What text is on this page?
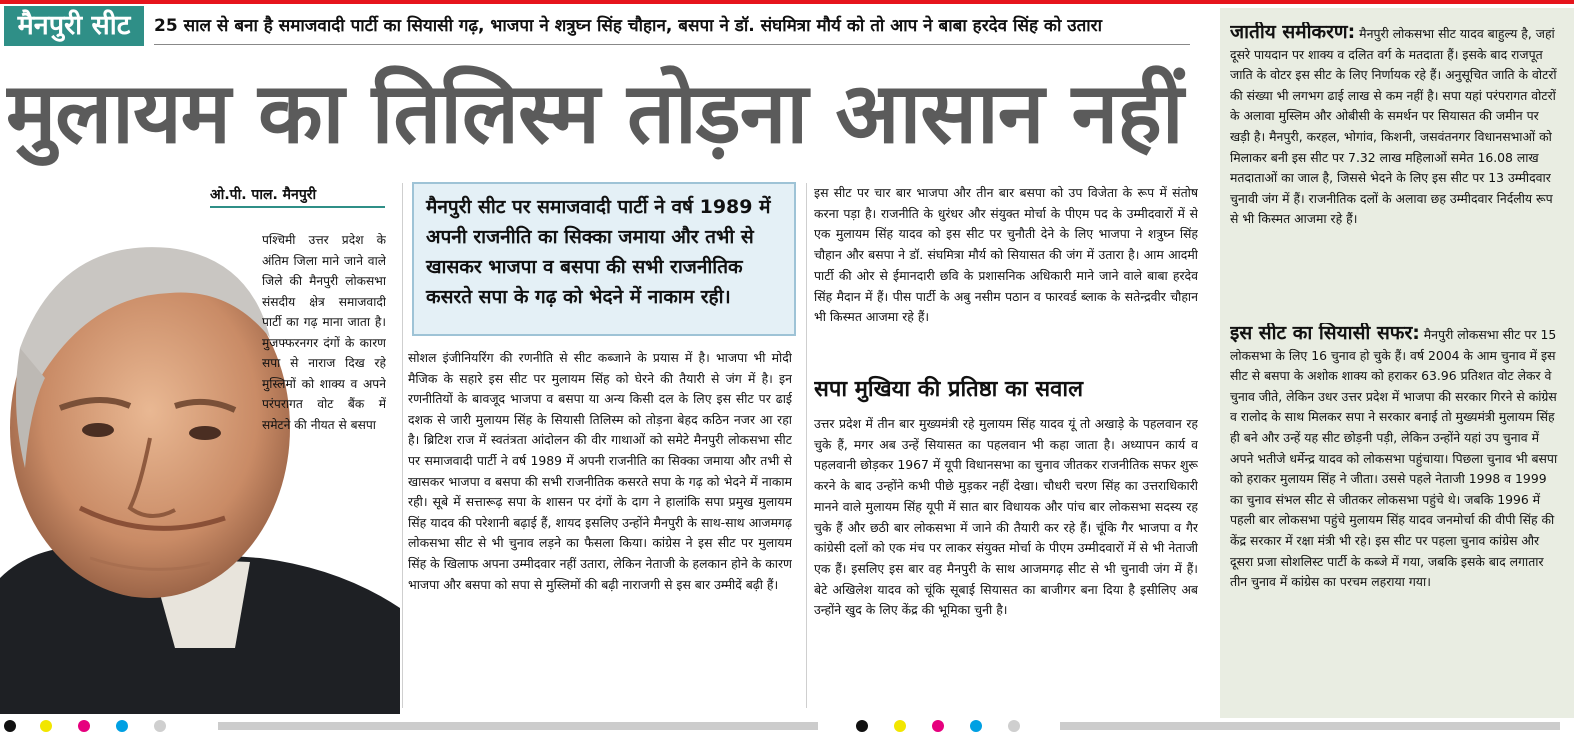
मैनपुरी सीट	25 साल से बना है समाजवादी पार्टी का सियासी गढ़, भाजपा ने शत्रुघ्न सिंह चौहान, बसपा ने डॉ. संघमित्रा मौर्य को तो आप ने बाबा हरदेव सिंह को उतारा
मुलायम का तिलिस्म तोड़ना आसान नहीं
ओ.पी. पाल. मैनपुरी
पश्चिमी उत्तर प्रदेश के अंतिम जिला माने जाने वाले जिले की मैनपुरी लोकसभा संसदीय क्षेत्र समाजवादी पार्टी का गढ़ माना जाता है। मुजफ्फरनगर दंगों के कारण सपा से नाराज दिख रहे मुस्लिमों को शाक्य व अपने परंपरागत वोट बैंक में समेटने की नीयत से बसपा
मैनपुरी सीट पर समाजवादी पार्टी ने वर्ष 1989 में अपनी राजनीति का सिक्का जमाया और तभी से खासकर भाजपा व बसपा की सभी राजनीतिक कसरते सपा के गढ़ को भेदने में नाकाम रही।
सोशल इंजीनियरिंग की रणनीति से सीट कब्जाने के प्रयास में है। भाजपा भी मोदी मैजिक के सहारे इस सीट पर मुलायम सिंह को घेरने की तैयारी से जंग में है। इन रणनीतियों के बावजूद भाजपा व बसपा या अन्य किसी दल के लिए इस सीट पर ढाई दशक से जारी मुलायम सिंह के सियासी तिलिस्म को तोड़ना बेहद कठिन नजर आ रहा है। ब्रिटिश राज में स्वतंत्रता आंदोलन की वीर गाथाओं को समेटे मैनपुरी लोकसभा सीट पर समाजवादी पार्टी ने वर्ष 1989 में अपनी राजनीति का सिक्का जमाया और तभी से खासकर भाजपा व बसपा की सभी राजनीतिक कसरते सपा के गढ़ को भेदने में नाकाम रही। सूबे में सत्तारूढ़ सपा के शासन पर दंगों के दाग ने हालांकि सपा प्रमुख मुलायम सिंह यादव की परेशानी बढ़ाई हैं, शायद इसलिए उन्होंने मैनपुरी के साथ-साथ आजमगढ़ लोकसभा सीट से भी चुनाव लड़ने का फैसला किया। कांग्रेस ने इस सीट पर मुलायम सिंह के खिलाफ अपना उम्मीदवार नहीं उतारा, लेकिन नेताजी के हलकान होने के कारण भाजपा और बसपा को सपा से मुस्लिमों की बढ़ी नाराजगी से इस बार उम्मीदें बढ़ी हैं।
इस सीट पर चार बार भाजपा और तीन बार बसपा को उप विजेता के रूप में संतोष करना पड़ा है। राजनीति के धुरंधर और संयुक्त मोर्चा के पीएम पद के उम्मीदवारों में से एक मुलायम सिंह यादव को इस सीट पर चुनौती देने के लिए भाजपा ने शत्रुघ्न सिंह चौहान और बसपा ने डॉ. संघमित्रा मौर्य को सियासत की जंग में उतारा है। आम आदमी पार्टी की ओर से ईमानदारी छवि के प्रशासनिक अधिकारी माने जाने वाले बाबा हरदेव सिंह मैदान में हैं। पीस पार्टी के अबु नसीम पठान व फारवर्ड ब्लाक के सतेन्द्रवीर चौहान भी किस्मत आजमा रहे हैं।
सपा मुखिया की प्रतिष्ठा का सवाल
उत्तर प्रदेश में तीन बार मुख्यमंत्री रहे मुलायम सिंह यादव यूं तो अखाड़े के पहलवान रह चुके हैं, मगर अब उन्हें सियासत का पहलवान भी कहा जाता है। अध्यापन कार्य व पहलवानी छोड़कर 1967 में यूपी विधानसभा का चुनाव जीतकर राजनीतिक सफर शुरू करने के बाद उन्होंने कभी पीछे मुड़कर नहीं देखा। चौधरी चरण सिंह का उत्तराधिकारी मानने वाले मुलायम सिंह यूपी में सात बार विधायक और पांच बार लोकसभा सदस्य रह चुके हैं और छठी बार लोकसभा में जाने की तैयारी कर रहे हैं। चूंकि गैर भाजपा व गैर कांग्रेसी दलों को एक मंच पर लाकर संयुक्त मोर्चा के पीएम उम्मीदवारों में से भी नेताजी एक हैं। इसलिए इस बार वह मैनपुरी के साथ आजमगढ़ सीट से भी चुनावी जंग में हैं। बेटे अखिलेश यादव को चूंकि सूबाई सियासत का बाजीगर बना दिया है इसीलिए अब उन्होंने खुद के लिए केंद्र की भूमिका चुनी है।
जातीय समीकरण: मैनपुरी लोकसभा सीट यादव बाहुल्य है, जहां दूसरे पायदान पर शाक्य व दलित वर्ग के मतदाता हैं। इसके बाद राजपूत जाति के वोटर इस सीट के लिए निर्णायक रहे हैं। अनुसूचित जाति के वोटरों की संख्या भी लगभग ढाई लाख से कम नहीं है। सपा यहां परंपरागत वोटरों के अलावा मुस्लिम और ओबीसी के समर्थन पर सियासत की जमीन पर खड़ी है। मैनपुरी, करहल, भोगांव, किशनी, जसवंतनगर विधानसभाओं को मिलाकर बनी इस सीट पर 7.32 लाख महिलाओं समेत 16.08 लाख मतदाताओं का जाल है, जिससे भेदने के लिए इस सीट पर 13 उम्मीदवार चुनावी जंग में हैं। राजनीतिक दलों के अलावा छह उम्मीदवार निर्दलीय रूप से भी किस्मत आजमा रहे हैं।
इस सीट का सियासी सफर: मैनपुरी लोकसभा सीट पर 15 लोकसभा के लिए 16 चुनाव हो चुके हैं। वर्ष 2004 के आम चुनाव में इस सीट से बसपा के अशोक शाक्य को हराकर 63.96 प्रतिशत वोट लेकर वे चुनाव जीते, लेकिन उधर उत्तर प्रदेश में भाजपा की सरकार गिरने से कांग्रेस व रालोद के साथ मिलकर सपा ने सरकार बनाई तो मुख्यमंत्री मुलायम सिंह ही बने और उन्हें यह सीट छोड़नी पड़ी, लेकिन उन्होंने यहां उप चुनाव में अपने भतीजे धर्मेन्द्र यादव को लोकसभा पहुंचाया। पिछला चुनाव भी बसपा को हराकर मुलायम सिंह ने जीता। उससे पहले नेताजी 1998 व 1999 का चुनाव संभल सीट से जीतकर लोकसभा पहुंचे थे। जबकि 1996 में पहली बार लोकसभा पहुंचे मुलायम सिंह यादव जनमोर्चा की वीपी सिंह की केंद्र सरकार में रक्षा मंत्री भी रहे। इस सीट पर पहला चुनाव कांग्रेस और दूसरा प्रजा सोशलिस्ट पार्टी के कब्जे में गया, जबकि इसके बाद लगातार तीन चुनाव में कांग्रेस का परचम लहराया गया।
